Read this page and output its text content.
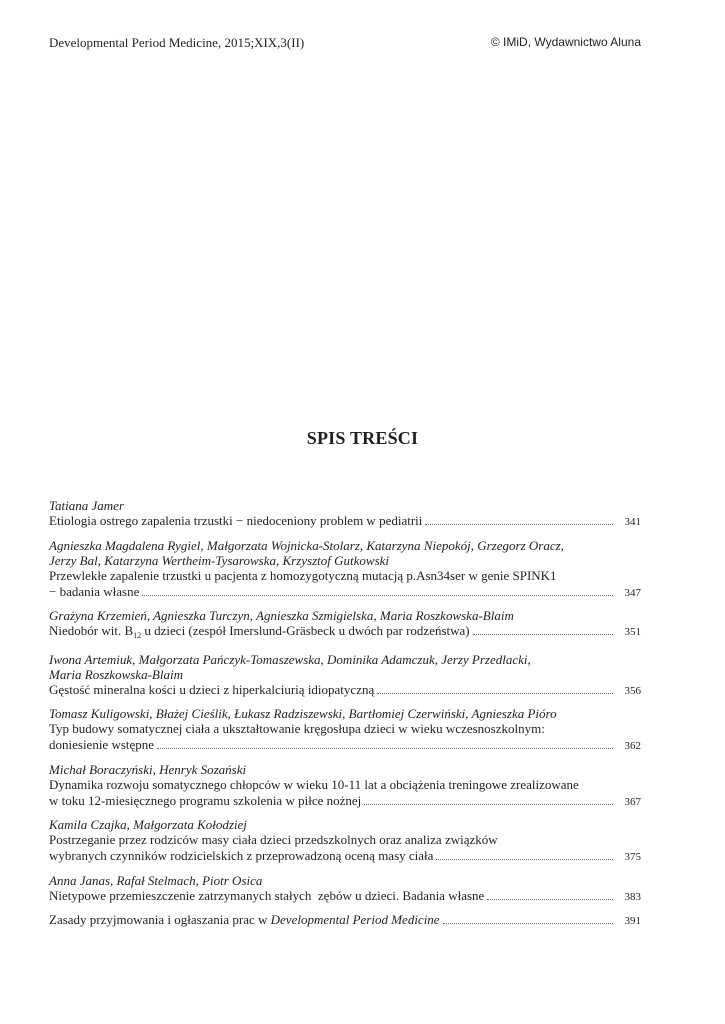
Developmental Period Medicine, 2015;XIX,3(II)	© IMiD, Wydawnictwo Aluna
SPIS TREŚCI
Tatiana Jamer
Etiologia ostrego zapalenia trzustki − niedoceniony problem w pediatrii	341
Agnieszka Magdalena Rygiel, Małgorzata Wojnicka-Stolarz, Katarzyna Niepokój, Grzegorz Oracz,
Jerzy Bal, Katarzyna Wertheim-Tysarowska, Krzysztof Gutkowski
Przewlekłe zapalenie trzustki u pacjenta z homozygotyczną mutacją p.Asn34ser w genie SPINK1
− badania własne	347
Grażyna Krzemień, Agnieszka Turczyn, Agnieszka Szmigielska, Maria Roszkowska-Blaim
Niedobór wit. $B_{12}$ u dzieci (zespół Imerslund-Gräsbeck u dwóch par rodzeństwa)	351
Iwona Artemiuk, Małgorzata Pańczyk-Tomaszewska, Dominika Adamczuk, Jerzy Przedlacki,
Maria Roszkowska-Blaim
Gęstość mineralna kości u dzieci z hiperkalciurią idiopatyczną	356
Tomasz Kuligowski, Błażej Cieślik, Łukasz Radziszewski, Bartłomiej Czerwiński, Agnieszka Pióro
Typ budowy somatycznej ciała a ukształtowanie kręgosłupa dzieci w wieku wczesnoszkolnym:
doniesienie wstępne	362
Michał Boraczyński, Henryk Sozański
Dynamika rozwoju somatycznego chłopców w wieku 10-11 lat a obciążenia treningowe zrealizowane
w toku 12-miesięcznego programu szkolenia w piłce nożnej	367
Kamila Czajka, Małgorzata Kołodziej
Postrzeganie przez rodziców masy ciała dzieci przedszkolnych oraz analiza związków
wybranych czynników rodzicielskich z przeprowadzoną oceną masy ciała	375
Anna Janas, Rafał Stelmach, Piotr Osica
Nietypowe przemieszczenie zatrzymanych stałych  zębów u dzieci. Badania własne	383
Zasady przyjmowania i ogłaszania prac w Developmental Period Medicine	391
